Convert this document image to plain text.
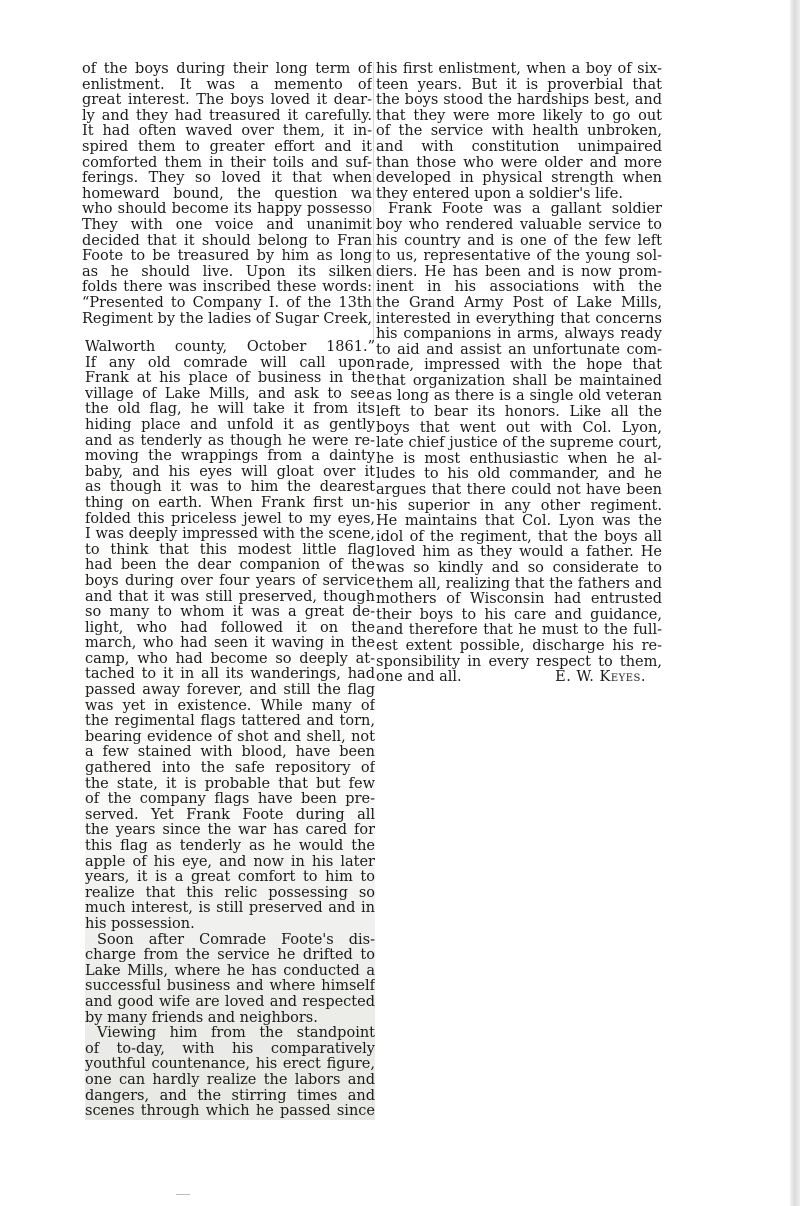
of the boys during their long term of
enlistment. It was a memento of
great interest. The boys loved it dear-
ly and they had treasured it carefully.
It had often waved over them, it in-
spired them to greater effort and it
comforted them in their toils and suf-
ferings. They so loved it that when
homeward bound, the question wa
who should become its happy possesso
They with one voice and unanimit
decided that it should belong to Fran
Foote to be treasured by him as long
as he should live. Upon its silken
folds there was inscribed these words:
“Presented to Company I. of the 13th
Regiment by the ladies of Sugar Creek,
Walworth county, October 1861.”
If any old comrade will call upon
Frank at his place of business in the
village of Lake Mills, and ask to see
the old flag, he will take it from its
hiding place and unfold it as gently
and as tenderly as though he were re-
moving the wrappings from a dainty
baby, and his eyes will gloat over it
as though it was to him the dearest
thing on earth. When Frank first un-
folded this priceless jewel to my eyes,
I was deeply impressed with the scene,
to think that this modest little flag
had been the dear companion of the
boys during over four years of service
and that it was still preserved, though
so many to whom it was a great de-
light, who had followed it on the
march, who had seen it waving in the
camp, who had become so deeply at-
tached to it in all its wanderings, had
passed away forever, and still the flag
was yet in existence. While many of
the regimental flags tattered and torn,
bearing evidence of shot and shell, not
a few stained with blood, have been
gathered into the safe repository of
the state, it is probable that but few
of the company flags have been pre-
served. Yet Frank Foote during all
the years since the war has cared for
this flag as tenderly as he would the
apple of his eye, and now in his later
years, it is a great comfort to him to
realize that this relic possessing so
much interest, is still preserved and in
his possession.
Soon after Comrade Foote's dis-
charge from the service he drifted to
Lake Mills, where he has conducted a
successful business and where himself
and good wife are loved and respected
by many friends and neighbors.
Viewing him from the standpoint
of to-day, with his comparatively
youthful countenance, his erect figure,
one can hardly realize the labors and
dangers, and the stirring times and
scenes through which he passed since
his first enlistment, when a boy of six-
teen years. But it is proverbial that
the boys stood the hardships best, and
that they were more likely to go out
of the service with health unbroken,
and with constitution unimpaired
than those who were older and more
developed in physical strength when
they entered upon a soldier's life.
Frank Foote was a gallant soldier
boy who rendered valuable service to
his country and is one of the few left
to us, representative of the young sol-
diers. He has been and is now prom-
inent in his associations with the
the Grand Army Post of Lake Mills,
interested in everything that concerns
his companions in arms, always ready
to aid and assist an unfortunate com-
rade, impressed with the hope that
that organization shall be maintained
as long as there is a single old veteran
left to bear its honors. Like all the
boys that went out with Col. Lyon,
late chief justice of the supreme court,
he is most enthusiastic when he al-
ludes to his old commander, and he
argues that there could not have been
his superior in any other regiment.
He maintains that Col. Lyon was the
idol of the regiment, that the boys all
loved him as they would a father. He
was so kindly and so considerate to
them all, realizing that the fathers and
mothers of Wisconsin had entrusted
their boys to his care and guidance,
and therefore that he must to the full-
est extent possible, discharge his re-
sponsibility in every respect to them,
one and all.	E. W. Keyes.
